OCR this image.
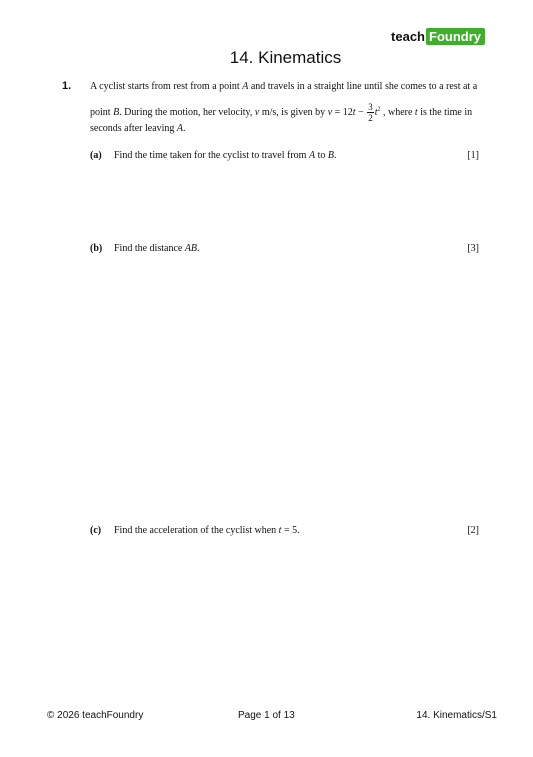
teach Foundry
14. Kinematics
1. A cyclist starts from rest from a point A and travels in a straight line until she comes to a rest at a
point B. During the motion, her velocity, v m/s, is given by $v = 12t - \frac{3}{2} t^2$ , where t is the time in
seconds after leaving A.
(a) Find the time taken for the cyclist to travel from A to B.	[1]
(b) Find the distance AB.	[3]
(c) Find the acceleration of the cyclist when t = 5.	[2]
© 2026 teachFoundry	Page 1 of 13	14. Kinematics/S1
